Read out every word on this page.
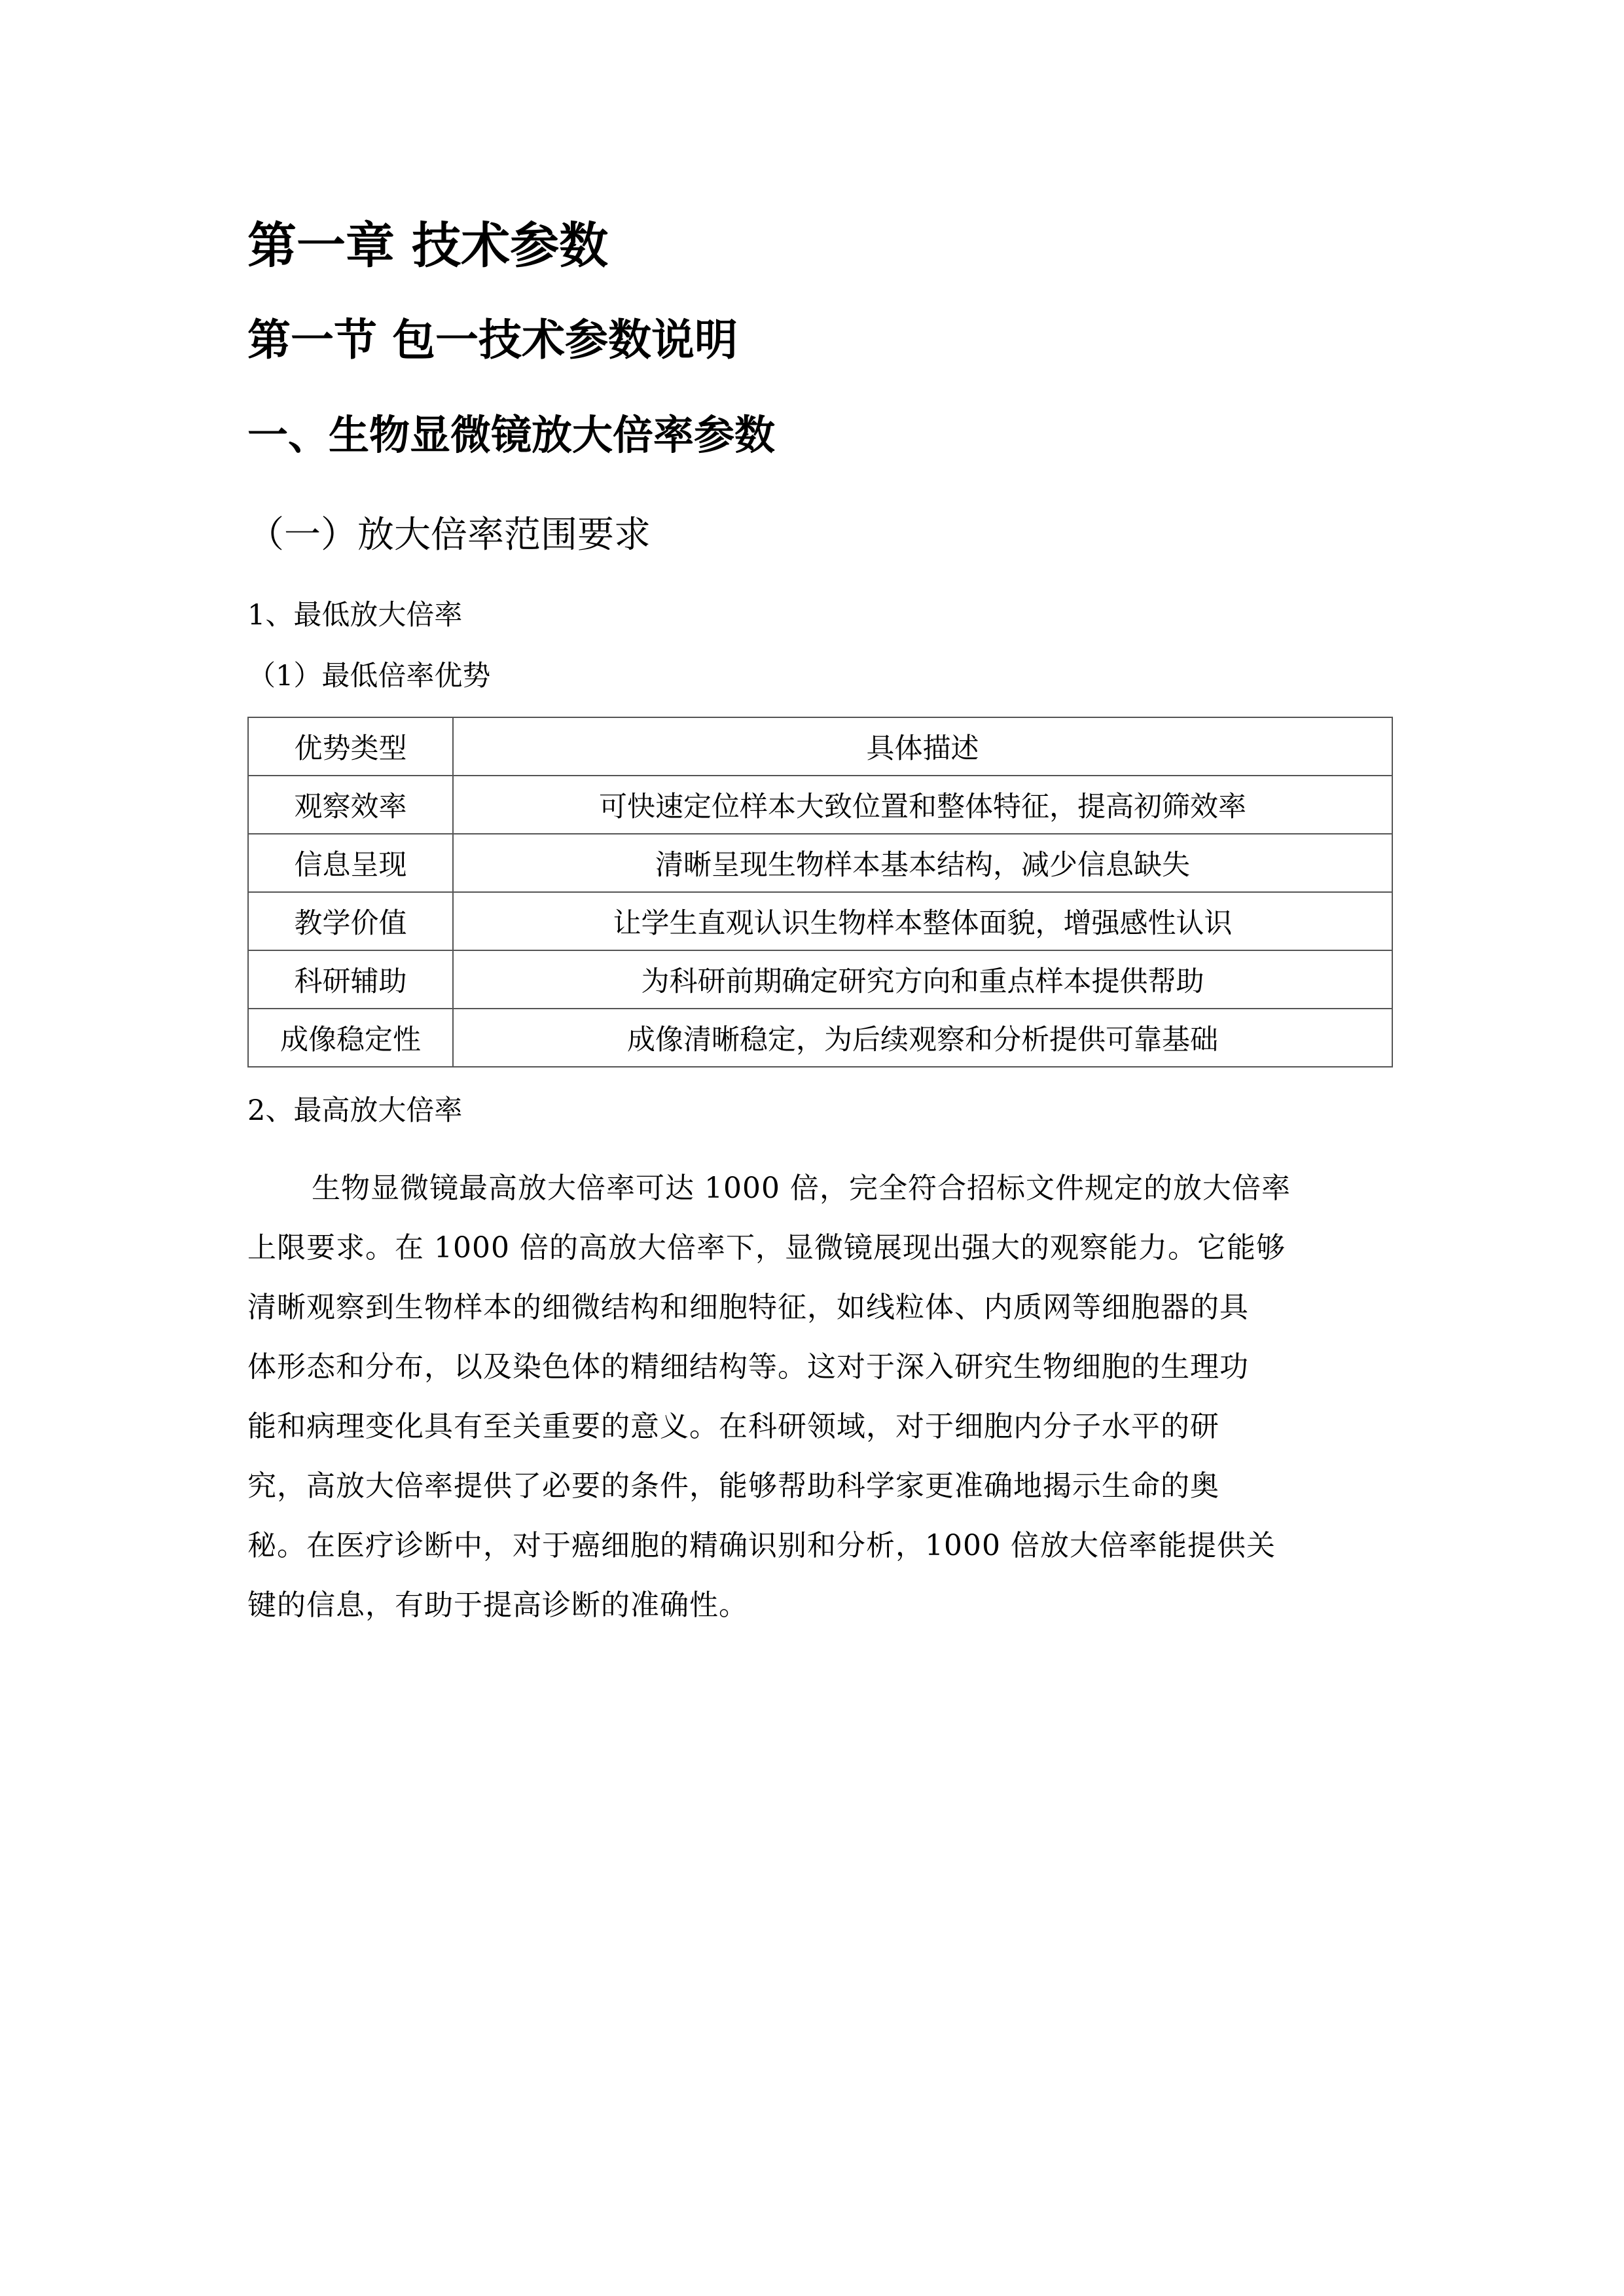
第一章 技术参数
第一节 包一技术参数说明
一、生物显微镜放大倍率参数
（一）放大倍率范围要求
1、最低放大倍率
（1）最低倍率优势
优势类型	具体描述
观察效率	可快速定位样本大致位置和整体特征，提高初筛效率
信息呈现	清晰呈现生物样本基本结构，减少信息缺失
教学价值	让学生直观认识生物样本整体面貌，增强感性认识
科研辅助	为科研前期确定研究方向和重点样本提供帮助
成像稳定性	成像清晰稳定，为后续观察和分析提供可靠基础
2、最高放大倍率
生物显微镜最高放大倍率可达 1000 倍，完全符合招标文件规定的放大倍率
上限要求。在 1000 倍的高放大倍率下，显微镜展现出强大的观察能力。它能够
清晰观察到生物样本的细微结构和细胞特征，如线粒体、内质网等细胞器的具
体形态和分布，以及染色体的精细结构等。这对于深入研究生物细胞的生理功
能和病理变化具有至关重要的意义。在科研领域，对于细胞内分子水平的研
究，高放大倍率提供了必要的条件，能够帮助科学家更准确地揭示生命的奥
秘。在医疗诊断中，对于癌细胞的精确识别和分析，1000 倍放大倍率能提供关
键的信息，有助于提高诊断的准确性。
